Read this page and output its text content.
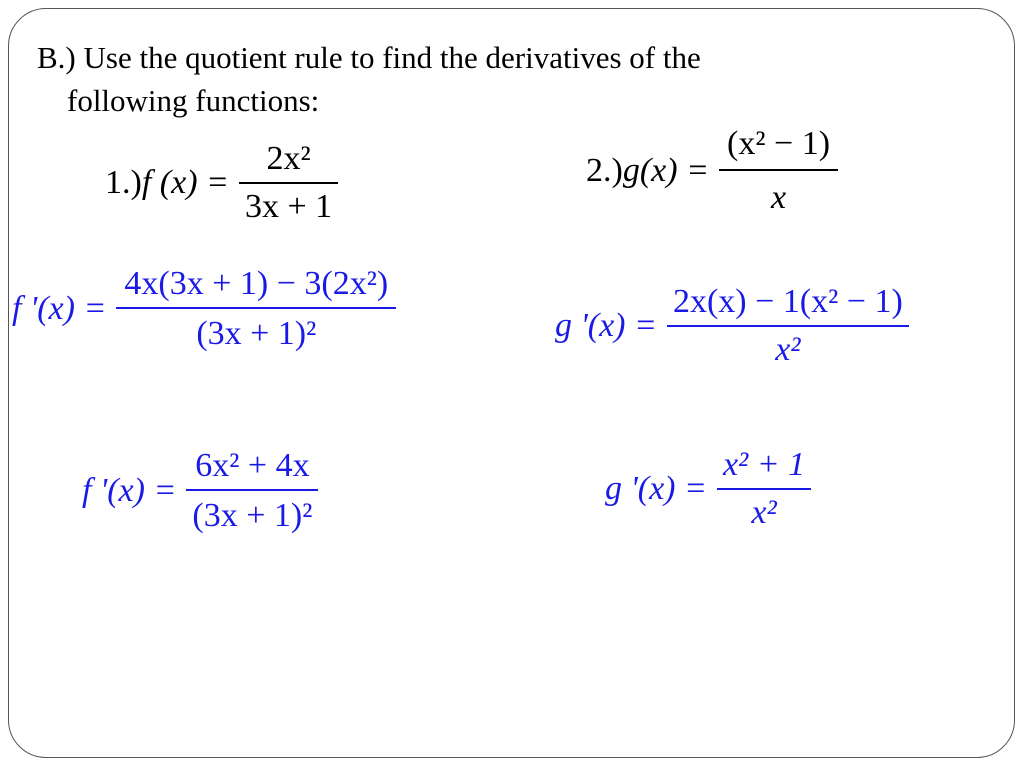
B.) Use the quotient rule to find the derivatives of the
following functions:

1.) f $(x) = \frac{\text{2x²}}{3x + 1}$	2.) $g(x) = \frac{\text{(x² − 1)}}{x}$
f '$(x) = \frac{\text{4x(3x + 1) − 3(2x²)}}{\text{(3x + 1)²}}$	g '$(x) = \frac{\text{2x(x) − 1(x² − 1)}}{\text{x²}}$
f '$(x) = \frac{\text{6x² + 4x}}{\text{(3x + 1)²}}$	g '$(x) = \frac{\text{x² + 1}}{\text{x²}}$
